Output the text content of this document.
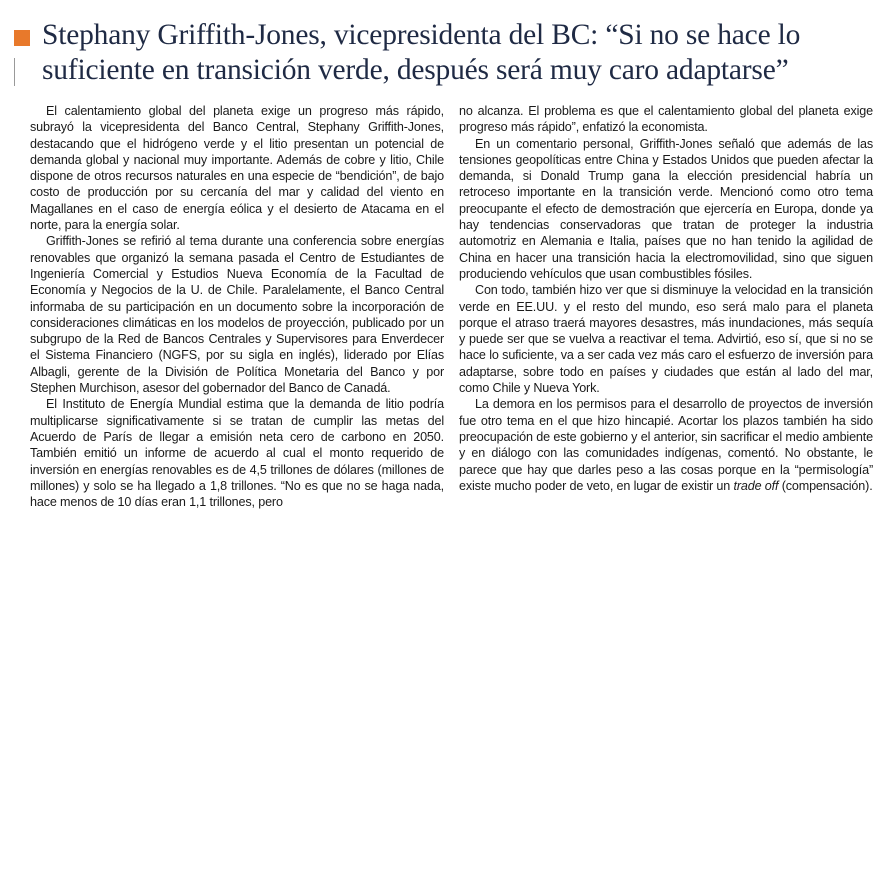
Stephany Griffith-Jones, vicepresidenta del BC: “Si no se hace lo suficiente en transición verde, después será muy caro adaptarse”

El calentamiento global del planeta exige un progreso más rápido, subrayó la vicepresidenta del Banco Central, Stephany Griffith-Jones, destacando que el hidrógeno verde y el litio presentan un potencial de demanda global y nacional muy importante. Además de cobre y litio, Chile dispone de otros recursos naturales en una especie de “bendición”, de bajo costo de producción por su cercanía del mar y calidad del viento en Magallanes en el caso de energía eólica y el desierto de Atacama en el norte, para la energía solar.

Griffith-Jones se refirió al tema durante una conferencia sobre energías renovables que organizó la semana pasada el Centro de Estudiantes de Ingeniería Comercial y Estudios Nueva Economía de la Facultad de Economía y Negocios de la U. de Chile. Paralelamente, el Banco Central informaba de su participación en un documento sobre la incorporación de consideraciones climáticas en los modelos de proyección, publicado por un subgrupo de la Red de Bancos Centrales y Supervisores para Enverdecer el Sistema Financiero (NGFS, por su sigla en inglés), liderado por Elías Albagli, gerente de la División de Política Monetaria del Banco y por Stephen Murchison, asesor del gobernador del Banco de Canadá.

El Instituto de Energía Mundial estima que la demanda de litio podría multiplicarse significativamente si se tratan de cumplir las metas del Acuerdo de París de llegar a emisión neta cero de carbono en 2050. También emitió un informe de acuerdo al cual el monto requerido de inversión en energías renovables es de 4,5 trillones de dólares (millones de millones) y solo se ha llegado a 1,8 trillones. “No es que no se haga nada, hace menos de 10 días eran 1,1 trillones, pero

no alcanza. El problema es que el calentamiento global del planeta exige progreso más rápido”, enfatizó la economista.

En un comentario personal, Griffith-Jones señaló que además de las tensiones geopolíticas entre China y Estados Unidos que pueden afectar la demanda, si Donald Trump gana la elección presidencial habría un retroceso importante en la transición verde. Mencionó como otro tema preocupante el efecto de demostración que ejercería en Europa, donde ya hay tendencias conservadoras que tratan de proteger la industria automotriz en Alemania e Italia, países que no han tenido la agilidad de China en hacer una transición hacia la electromovilidad, sino que siguen produciendo vehículos que usan combustibles fósiles.

Con todo, también hizo ver que si disminuye la velocidad en la transición verde en EE.UU. y el resto del mundo, eso será malo para el planeta porque el atraso traerá mayores desastres, más inundaciones, más sequía y puede ser que se vuelva a reactivar el tema. Advirtió, eso sí, que si no se hace lo suficiente, va a ser cada vez más caro el esfuerzo de inversión para adaptarse, sobre todo en países y ciudades que están al lado del mar, como Chile y Nueva York.

La demora en los permisos para el desarrollo de proyectos de inversión fue otro tema en el que hizo hincapié. Acortar los plazos también ha sido preocupación de este gobierno y el anterior, sin sacrificar el medio ambiente y en diálogo con las comunidades indígenas, comentó. No obstante, le parece que hay que darles peso a las cosas porque en la “permisología” existe mucho poder de veto, en lugar de existir un trade off (compensación).
